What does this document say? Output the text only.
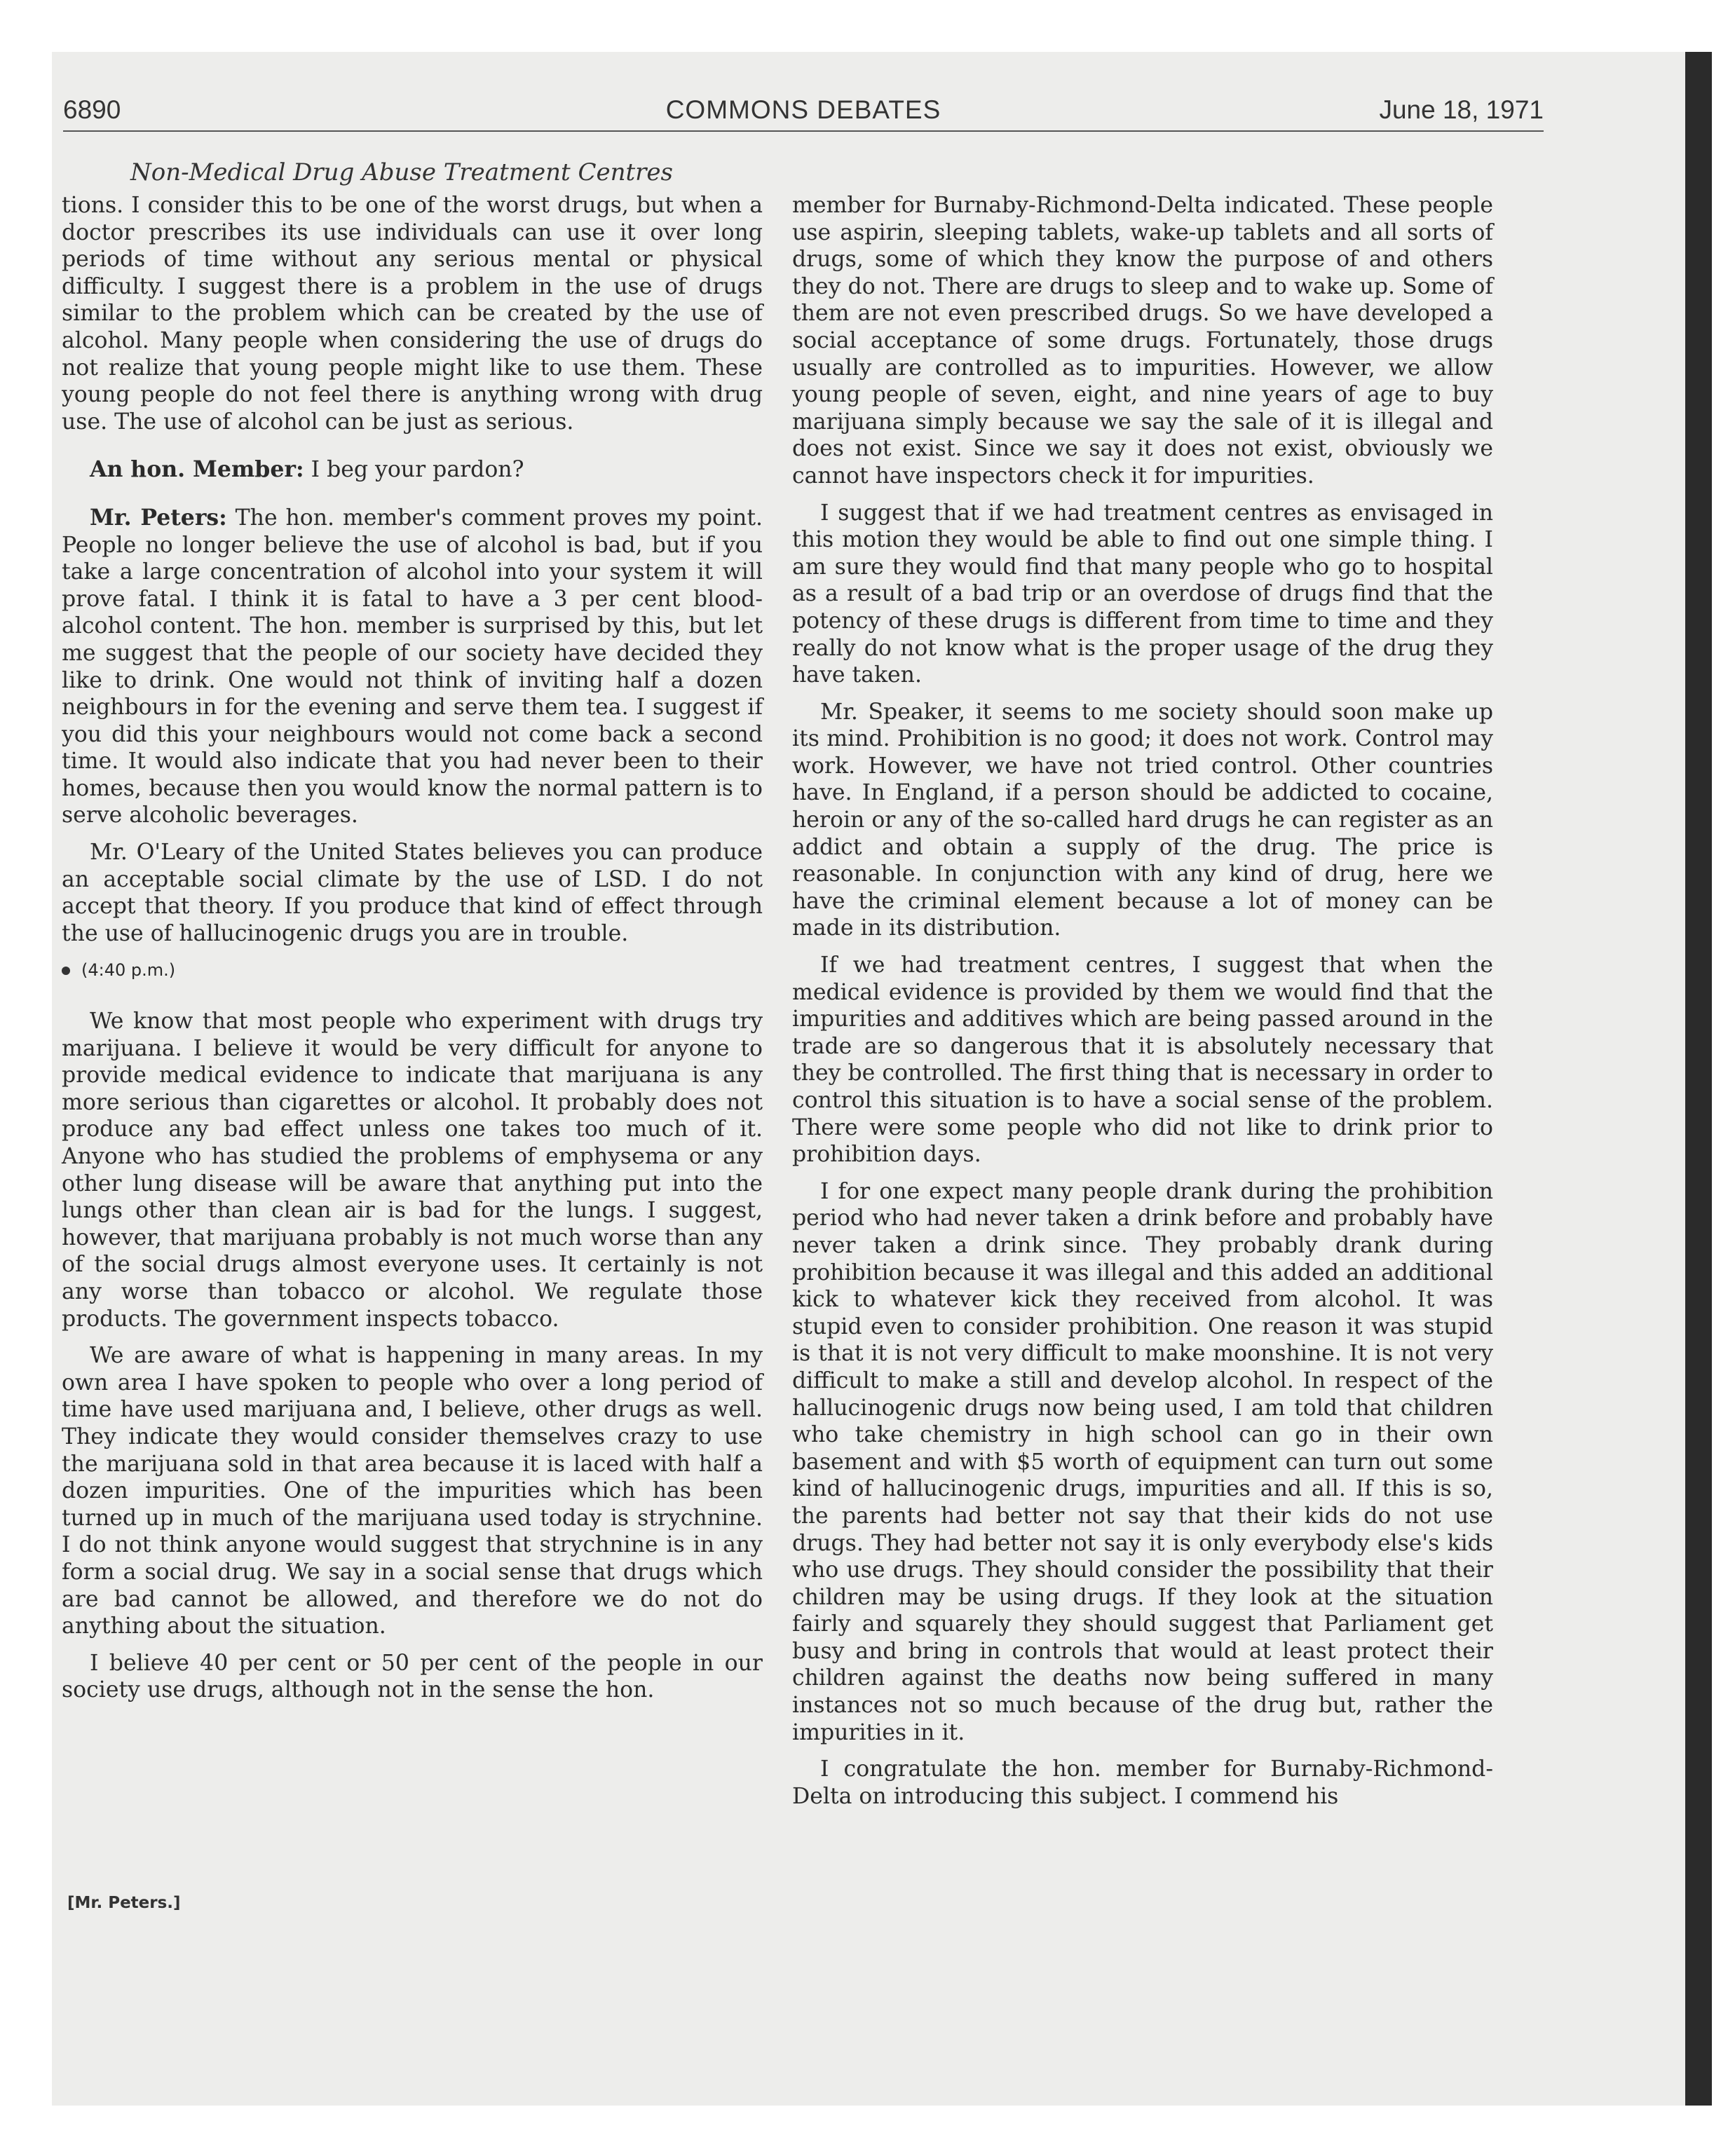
6890	COMMONS DEBATES	June 18, 1971
Non-Medical Drug Abuse Treatment Centres

tions. I consider this to be one of the worst drugs, but when a doctor prescribes its use individuals can use it over long periods of time without any serious mental or physical difficulty. I suggest there is a problem in the use of drugs similar to the problem which can be created by the use of alcohol. Many people when considering the use of drugs do not realize that young people might like to use them. These young people do not feel there is anything wrong with drug use. The use of alcohol can be just as serious.

An hon. Member: I beg your pardon?

Mr. Peters: The hon. member's comment proves my point. People no longer believe the use of alcohol is bad, but if you take a large concentration of alcohol into your system it will prove fatal. I think it is fatal to have a 3 per cent blood-alcohol content. The hon. member is surprised by this, but let me suggest that the people of our society have decided they like to drink. One would not think of inviting half a dozen neighbours in for the evening and serve them tea. I suggest if you did this your neighbours would not come back a second time. It would also indicate that you had never been to their homes, because then you would know the normal pattern is to serve alcoholic beverages.

Mr. O'Leary of the United States believes you can produce an acceptable social climate by the use of LSD. I do not accept that theory. If you produce that kind of effect through the use of hallucinogenic drugs you are in trouble.

(4:40 p.m.)

We know that most people who experiment with drugs try marijuana. I believe it would be very difficult for anyone to provide medical evidence to indicate that marijuana is any more serious than cigarettes or alcohol. It probably does not produce any bad effect unless one takes too much of it. Anyone who has studied the problems of emphysema or any other lung disease will be aware that anything put into the lungs other than clean air is bad for the lungs. I suggest, however, that marijuana probably is not much worse than any of the social drugs almost everyone uses. It certainly is not any worse than tobacco or alcohol. We regulate those products. The government inspects tobacco.

We are aware of what is happening in many areas. In my own area I have spoken to people who over a long period of time have used marijuana and, I believe, other drugs as well. They indicate they would consider themselves crazy to use the marijuana sold in that area because it is laced with half a dozen impurities. One of the impurities which has been turned up in much of the marijuana used today is strychnine. I do not think anyone would suggest that strychnine is in any form a social drug. We say in a social sense that drugs which are bad cannot be allowed, and therefore we do not do anything about the situation.

I believe 40 per cent or 50 per cent of the people in our society use drugs, although not in the sense the hon.

member for Burnaby-Richmond-Delta indicated. These people use aspirin, sleeping tablets, wake-up tablets and all sorts of drugs, some of which they know the purpose of and others they do not. There are drugs to sleep and to wake up. Some of them are not even prescribed drugs. So we have developed a social acceptance of some drugs. Fortunately, those drugs usually are controlled as to impurities. However, we allow young people of seven, eight, and nine years of age to buy marijuana simply because we say the sale of it is illegal and does not exist. Since we say it does not exist, obviously we cannot have inspectors check it for impurities.

I suggest that if we had treatment centres as envisaged in this motion they would be able to find out one simple thing. I am sure they would find that many people who go to hospital as a result of a bad trip or an overdose of drugs find that the potency of these drugs is different from time to time and they really do not know what is the proper usage of the drug they have taken.

Mr. Speaker, it seems to me society should soon make up its mind. Prohibition is no good; it does not work. Control may work. However, we have not tried control. Other countries have. In England, if a person should be addicted to cocaine, heroin or any of the so-called hard drugs he can register as an addict and obtain a supply of the drug. The price is reasonable. In conjunction with any kind of drug, here we have the criminal element because a lot of money can be made in its distribution.

If we had treatment centres, I suggest that when the medical evidence is provided by them we would find that the impurities and additives which are being passed around in the trade are so dangerous that it is absolutely necessary that they be controlled. The first thing that is necessary in order to control this situation is to have a social sense of the problem. There were some people who did not like to drink prior to prohibition days.

I for one expect many people drank during the prohibition period who had never taken a drink before and probably have never taken a drink since. They probably drank during prohibition because it was illegal and this added an additional kick to whatever kick they received from alcohol. It was stupid even to consider prohibition. One reason it was stupid is that it is not very difficult to make moonshine. It is not very difficult to make a still and develop alcohol. In respect of the hallucinogenic drugs now being used, I am told that children who take chemistry in high school can go in their own basement and with $5 worth of equipment can turn out some kind of hallucinogenic drugs, impurities and all. If this is so, the parents had better not say that their kids do not use drugs. They had better not say it is only everybody else's kids who use drugs. They should consider the possibility that their children may be using drugs. If they look at the situation fairly and squarely they should suggest that Parliament get busy and bring in controls that would at least protect their children against the deaths now being suffered in many instances not so much because of the drug but, rather the impurities in it.

I congratulate the hon. member for Burnaby-Richmond-Delta on introducing this subject. I commend his

[Mr. Peters.]
